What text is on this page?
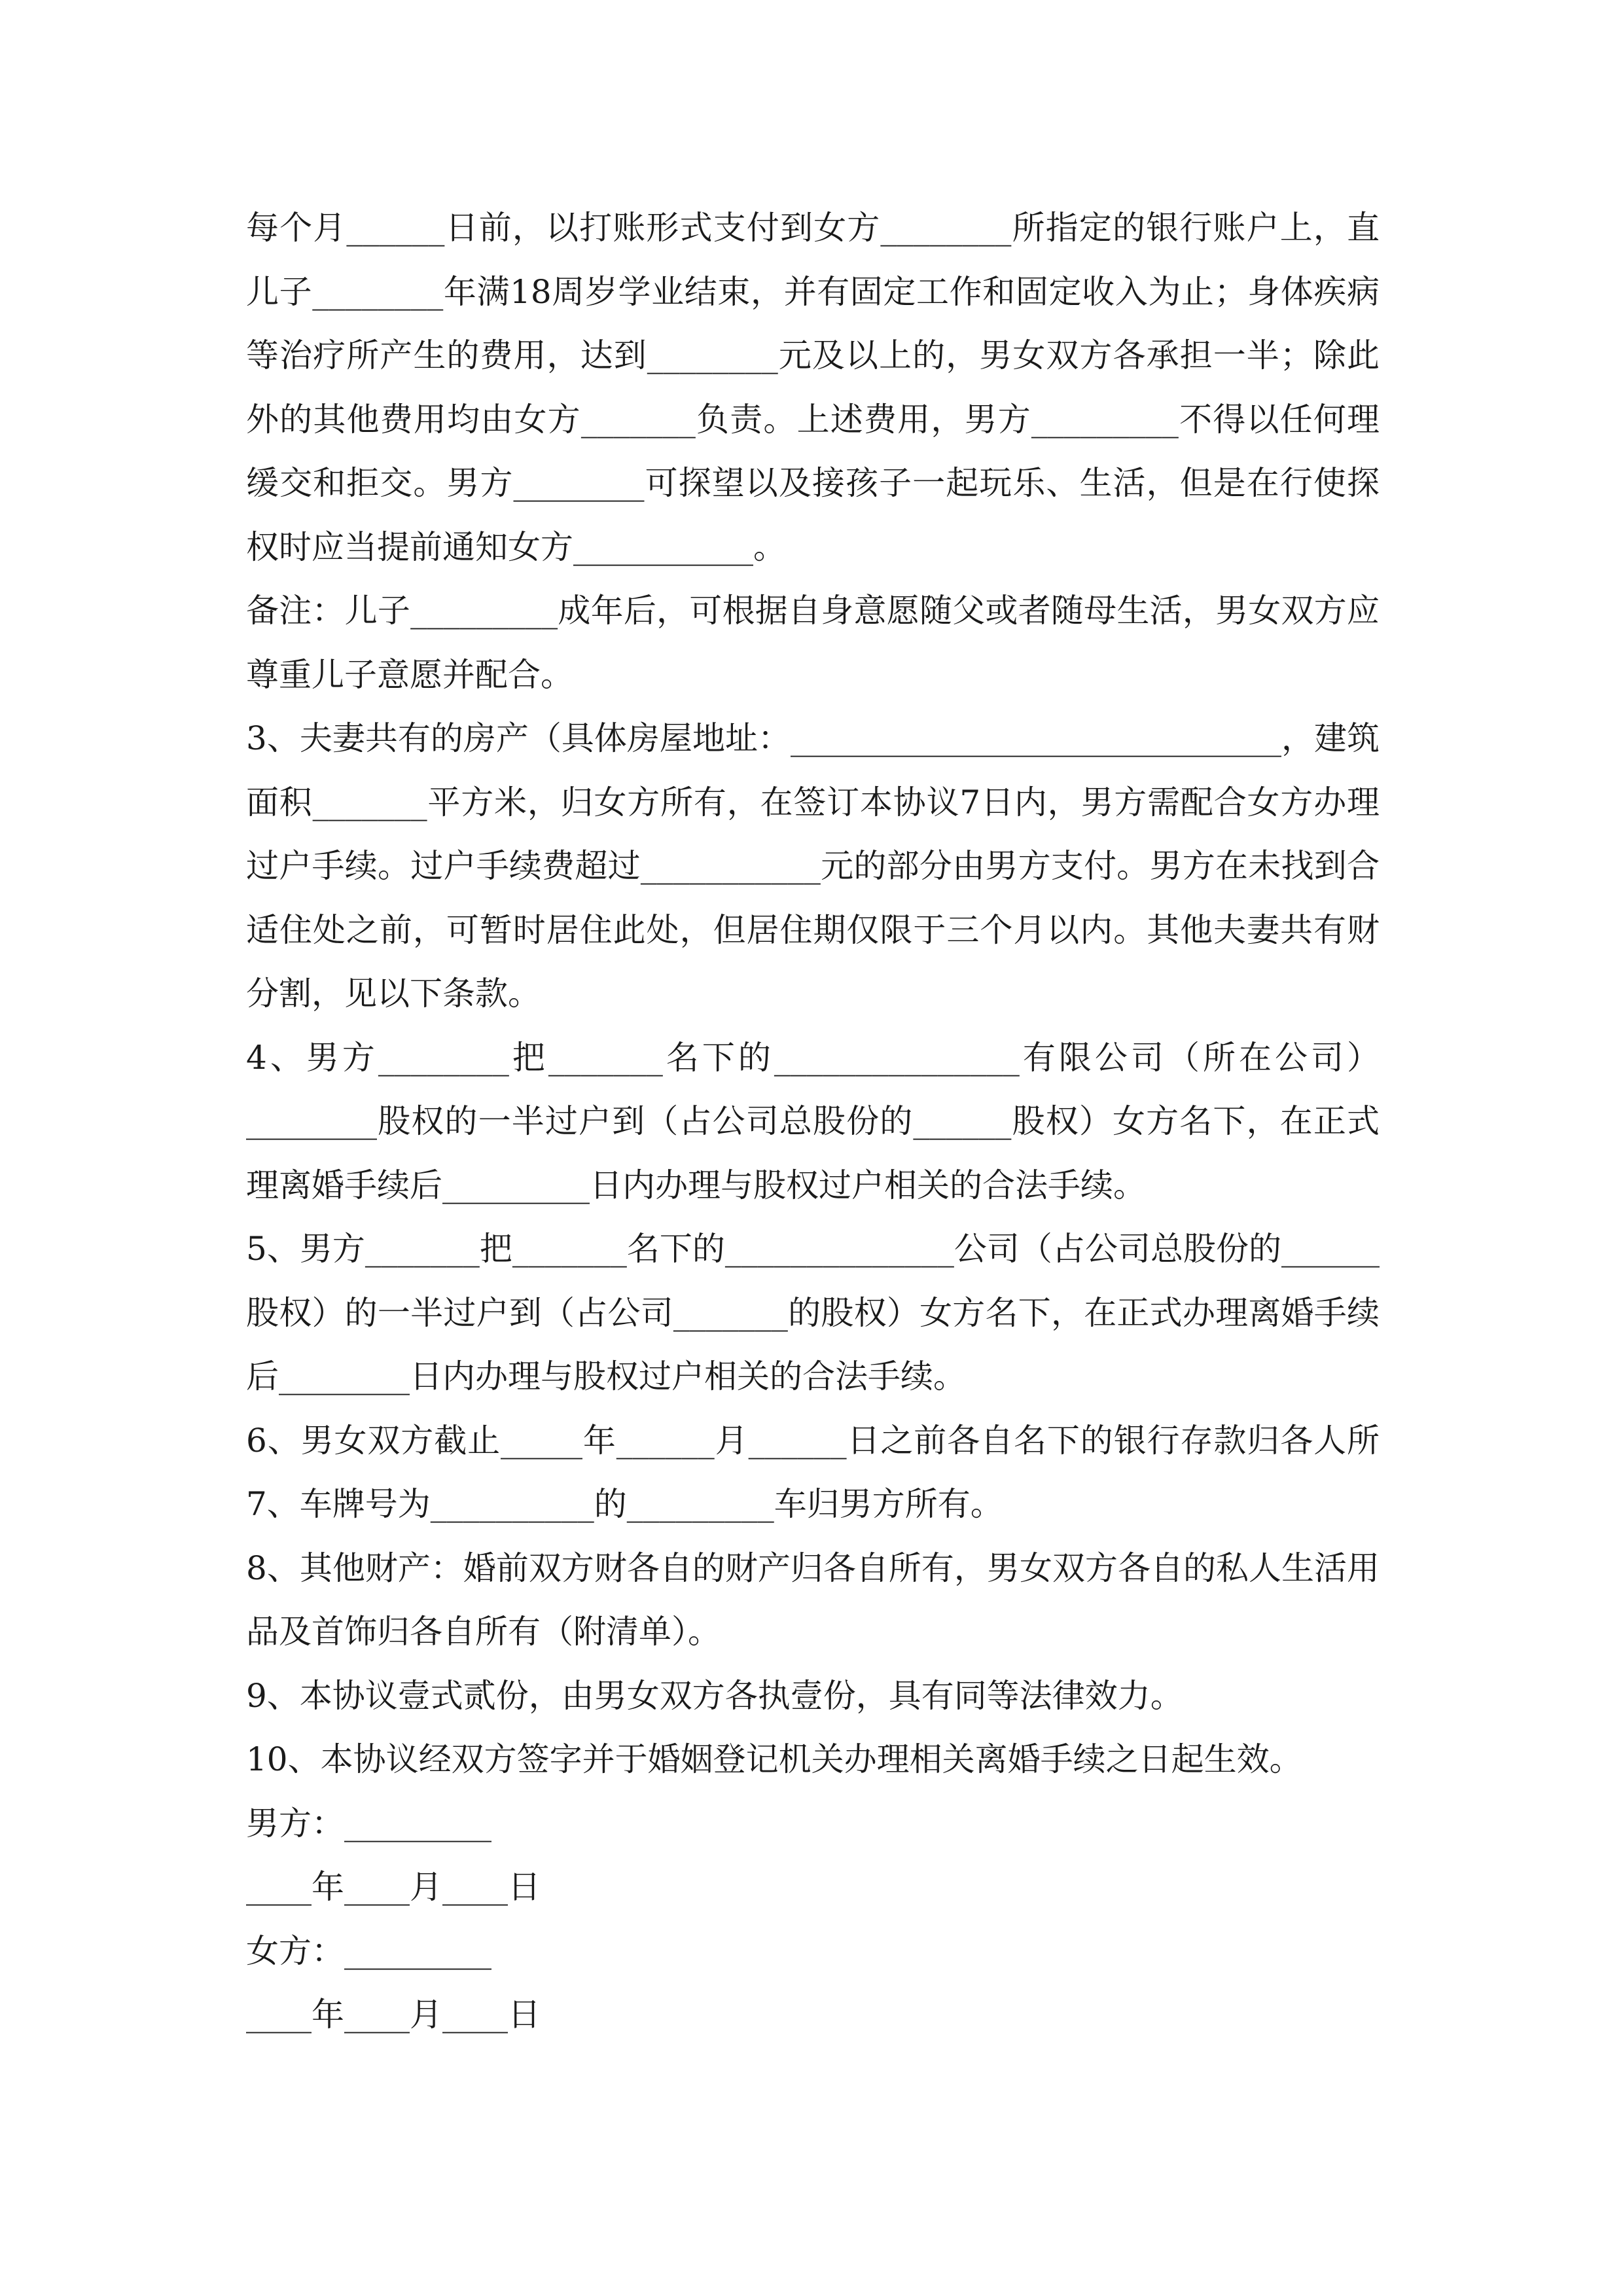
每个月______日前，以打账形式支付到女方________所指定的银行账户上，直
儿子________年满18周岁学业结束，并有固定工作和固定收入为止；身体疾病
等治疗所产生的费用，达到________元及以上的，男女双方各承担一半；除此
外的其他费用均由女方_______负责。上述费用，男方_________不得以任何理
缓交和拒交。男方________可探望以及接孩子一起玩乐、生活，但是在行使探
权时应当提前通知女方___________。
备注：儿子_________成年后，可根据自身意愿随父或者随母生活，男女双方应
尊重儿子意愿并配合。
3、夫妻共有的房产（具体房屋地址：______________________________，建筑
面积_______平方米，归女方所有，在签订本协议7日内，男方需配合女方办理
过户手续。过户手续费超过___________元的部分由男方支付。男方在未找到合
适住处之前，可暂时居住此处，但居住期仅限于三个月以内。其他夫妻共有财
分割，见以下条款。
4、男方________把_______名下的_______________有限公司（所在公司）
________股权的一半过户到（占公司总股份的______股权）女方名下，在正式
理离婚手续后_________日内办理与股权过户相关的合法手续。
5、男方_______把_______名下的______________公司（占公司总股份的______
股权）的一半过户到（占公司_______的股权）女方名下，在正式办理离婚手续
后________日内办理与股权过户相关的合法手续。
6、男女双方截止_____年______月______日之前各自名下的银行存款归各人所
7、车牌号为__________的_________车归男方所有。
8、其他财产：婚前双方财各自的财产归各自所有，男女双方各自的私人生活用
品及首饰归各自所有（附清单）。
9、本协议壹式贰份，由男女双方各执壹份，具有同等法律效力。
10、本协议经双方签字并于婚姻登记机关办理相关离婚手续之日起生效。
男方：_________
____年____月____日
女方：_________
____年____月____日
